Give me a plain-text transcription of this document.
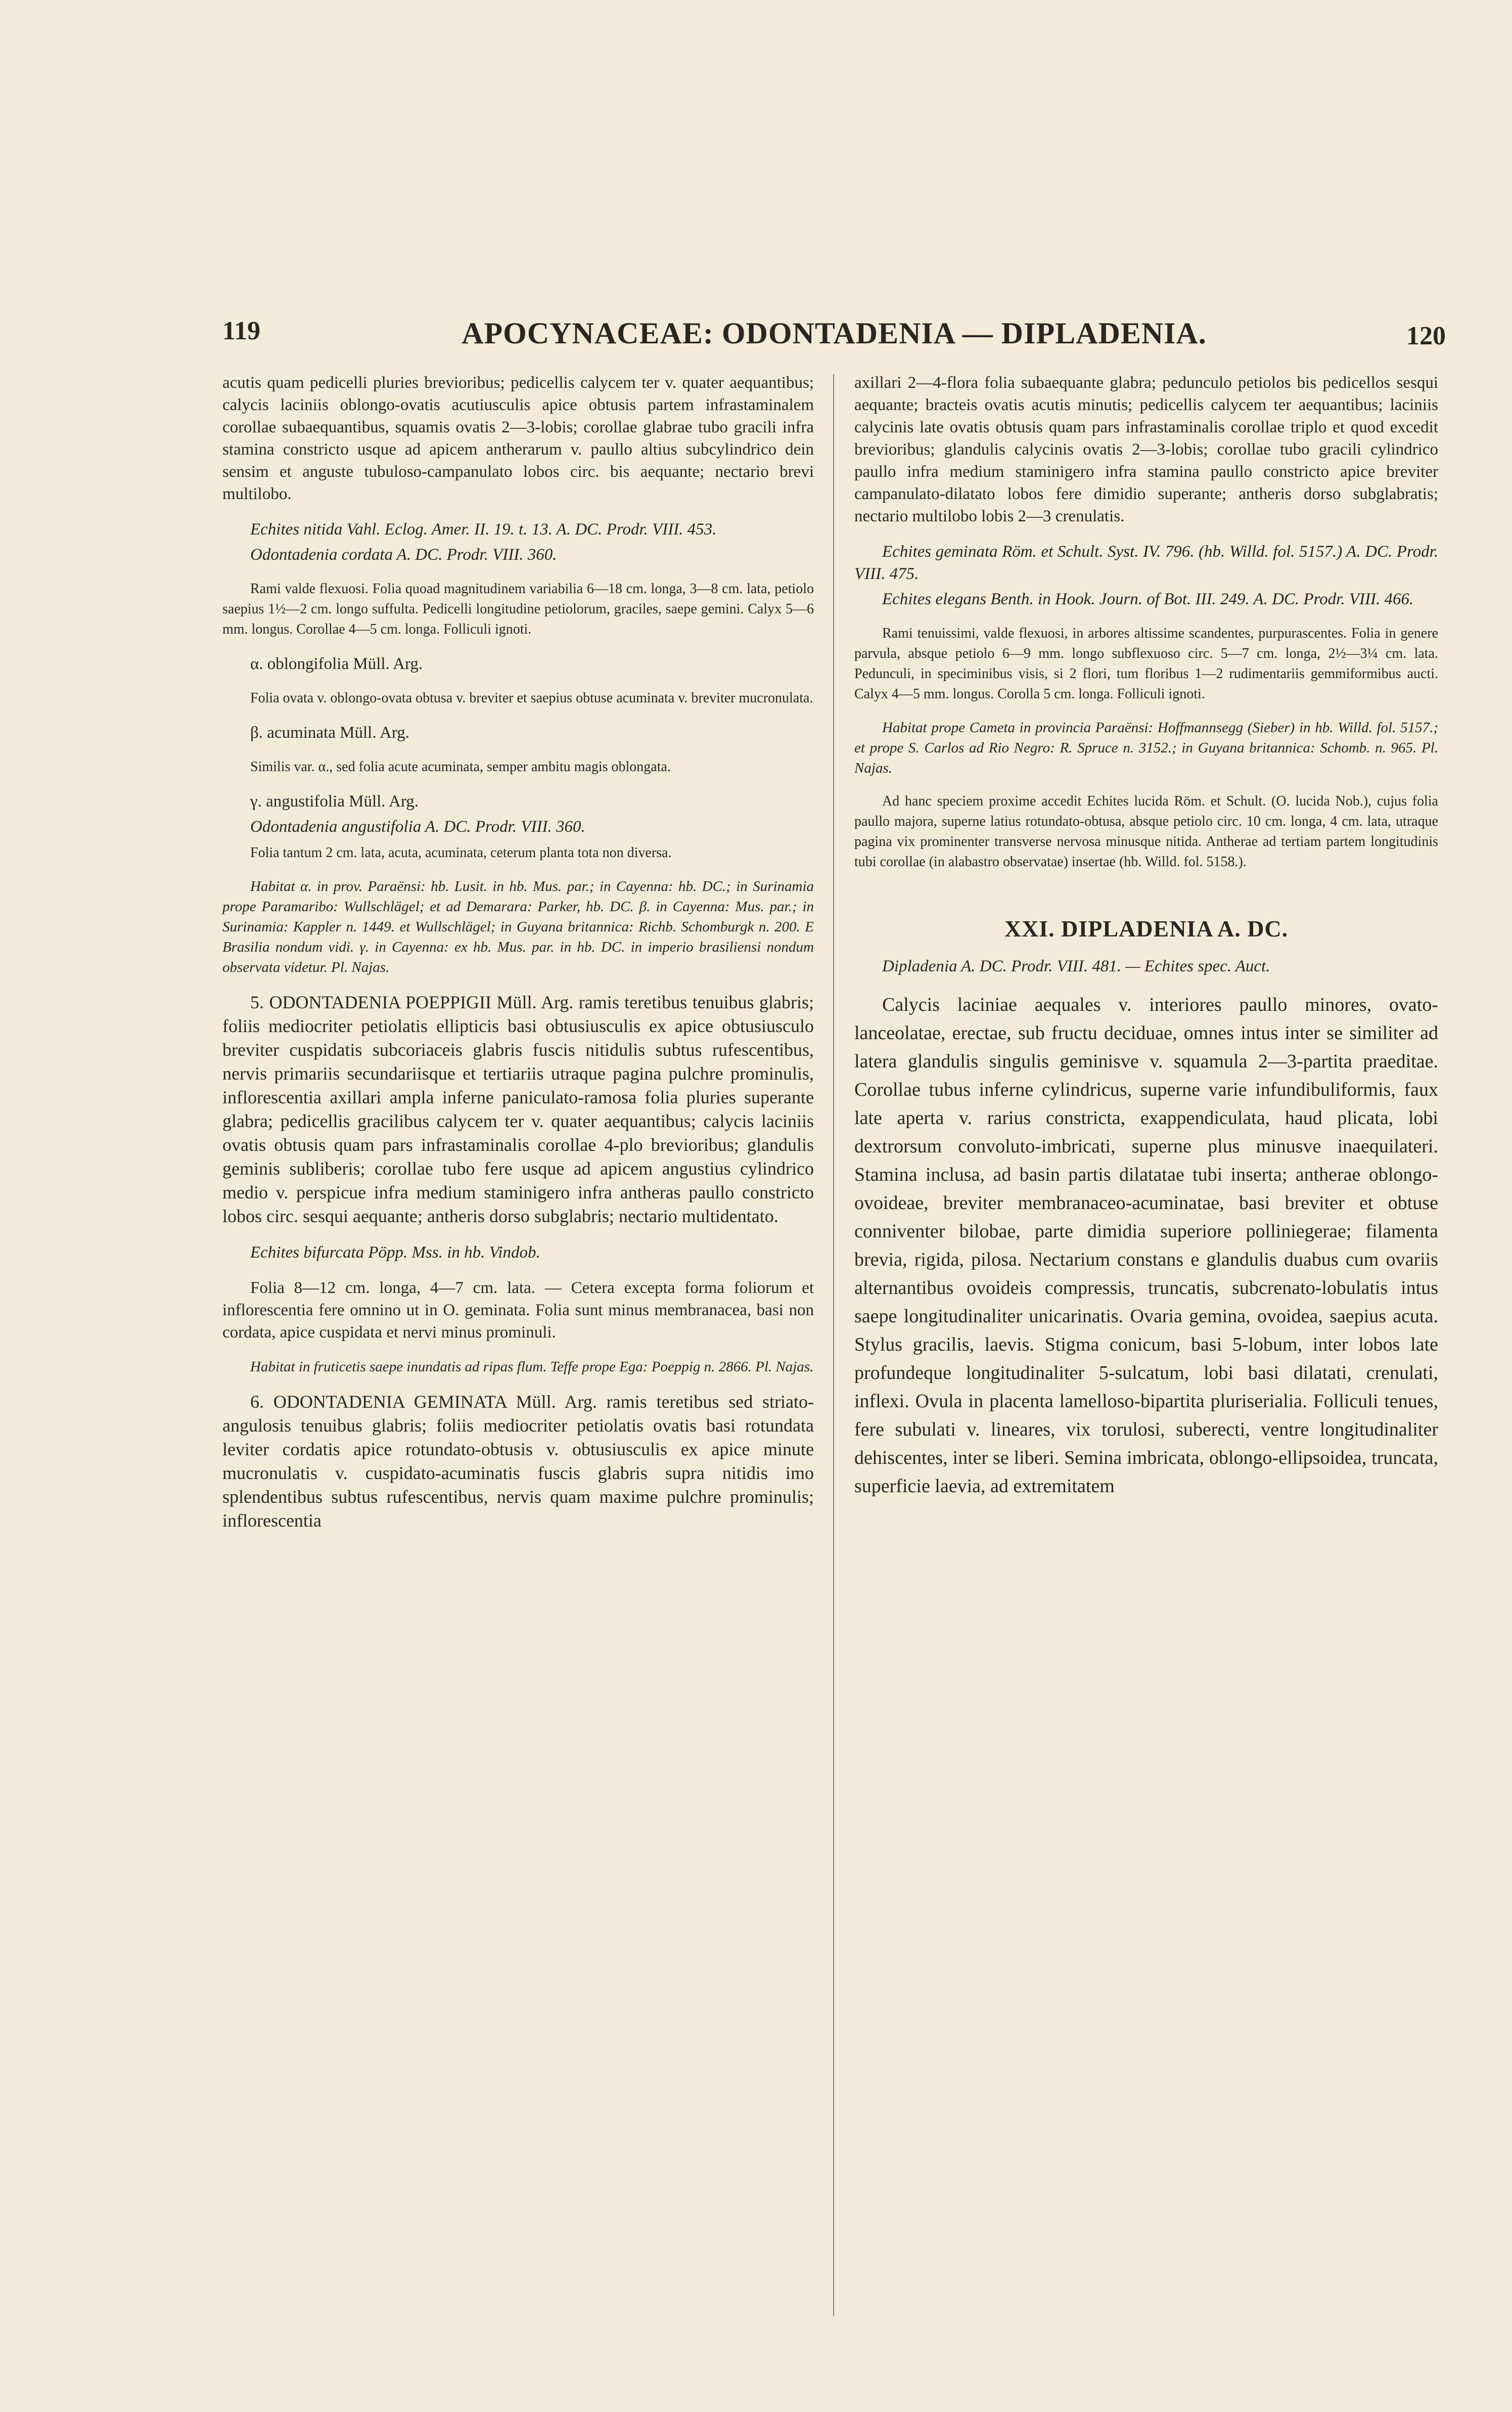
119	APOCYNACEAE: ODONTADENIA — DIPLADENIA.	120

acutis quam pedicelli pluries brevioribus; pedicellis calycem ter v. quater aequantibus; calycis laciniis oblongo-ovatis acutiusculis apice obtusis partem infrastaminalem corollae subaequantibus, squamis ovatis 2—3-lobis; corollae glabrae tubo gracili infra stamina constricto usque ad apicem antherarum v. paullo altius subcylindrico dein sensim et anguste tubuloso-campanulato lobos circ. bis aequante; nectario brevi multilobo.

Echites nitida Vahl. Eclog. Amer. II. 19. t. 13. A. DC. Prodr. VIII. 453.

Odontadenia cordata A. DC. Prodr. VIII. 360.

Rami valde flexuosi. Folia quoad magnitudinem variabilia 6—18 cm. longa, 3—8 cm. lata, petiolo saepius 1½—2 cm. longo suffulta. Pedicelli longitudine petiolorum, graciles, saepe gemini. Calyx 5—6 mm. longus. Corollae 4—5 cm. longa. Folliculi ignoti.

α. oblongifolia Müll. Arg.

Folia ovata v. oblongo-ovata obtusa v. breviter et saepius obtuse acuminata v. breviter mucronulata.

β. acuminata Müll. Arg.

Similis var. α., sed folia acute acuminata, semper ambitu magis oblongata.

γ. angustifolia Müll. Arg.

Odontadenia angustifolia A. DC. Prodr. VIII. 360.

Folia tantum 2 cm. lata, acuta, acuminata, ceterum planta tota non diversa.

Habitat α. in prov. Paraënsi: hb. Lusit. in hb. Mus. par.; in Cayenna: hb. DC.; in Surinamia prope Paramaribo: Wullschlägel; et ad Demarara: Parker, hb. DC. β. in Cayenna: Mus. par.; in Surinamia: Kappler n. 1449. et Wullschlägel; in Guyana britannica: Richb. Schomburgk n. 200. E Brasilia nondum vidi. γ. in Cayenna: ex hb. Mus. par. in hb. DC. in imperio brasiliensi nondum observata videtur. Pl. Najas.

5. ODONTADENIA POEPPIGII Müll. Arg. ramis teretibus tenuibus glabris; foliis mediocriter petiolatis ellipticis basi obtusiusculis ex apice obtusiusculo breviter cuspidatis subcoriaceis glabris fuscis nitidulis subtus rufescentibus, nervis primariis secundariisque et tertiariis utraque pagina pulchre prominulis, inflorescentia axillari ampla inferne paniculato-ramosa folia pluries superante glabra; pedicellis gracilibus calycem ter v. quater aequantibus; calycis laciniis ovatis obtusis quam pars infrastaminalis corollae 4-plo brevioribus; glandulis geminis subliberis; corollae tubo fere usque ad apicem angustius cylindrico medio v. perspicue infra medium staminigero infra antheras paullo constricto lobos circ. sesqui aequante; antheris dorso subglabris; nectario multidentato.

Echites bifurcata Pöpp. Mss. in hb. Vindob.

Folia 8—12 cm. longa, 4—7 cm. lata. — Cetera excepta forma foliorum et inflorescentia fere omnino ut in O. geminata. Folia sunt minus membranacea, basi non cordata, apice cuspidata et nervi minus prominuli.

Habitat in fruticetis saepe inundatis ad ripas flum. Teffe prope Ega: Poeppig n. 2866. Pl. Najas.

6. ODONTADENIA GEMINATA Müll. Arg. ramis teretibus sed striato-angulosis tenuibus glabris; foliis mediocriter petiolatis ovatis basi rotundata leviter cordatis apice rotundato-obtusis v. obtusiusculis ex apice minute mucronulatis v. cuspidato-acuminatis fuscis glabris supra nitidis imo splendentibus subtus rufescentibus, nervis quam maxime pulchre prominulis; inflorescentia

axillari 2—4-flora folia subaequante glabra; pedunculo petiolos bis pedicellos sesqui aequante; bracteis ovatis acutis minutis; pedicellis calycem ter aequantibus; laciniis calycinis late ovatis obtusis quam pars infrastaminalis corollae triplo et quod excedit brevioribus; glandulis calycinis ovatis 2—3-lobis; corollae tubo gracili cylindrico paullo infra medium staminigero infra stamina paullo constricto apice breviter campanulato-dilatato lobos fere dimidio superante; antheris dorso subglabratis; nectario multilobo lobis 2—3 crenulatis.

Echites geminata Röm. et Schult. Syst. IV. 796. (hb. Willd. fol. 5157.) A. DC. Prodr. VIII. 475.

Echites elegans Benth. in Hook. Journ. of Bot. III. 249. A. DC. Prodr. VIII. 466.

Rami tenuissimi, valde flexuosi, in arbores altissime scandentes, purpurascentes. Folia in genere parvula, absque petiolo 6—9 mm. longo subflexuoso circ. 5—7 cm. longa, 2½—3¼ cm. lata. Pedunculi, in speciminibus visis, si 2 flori, tum floribus 1—2 rudimentariis gemmiformibus aucti. Calyx 4—5 mm. longus. Corolla 5 cm. longa. Folliculi ignoti.

Habitat prope Cameta in provincia Paraënsi: Hoffmannsegg (Sieber) in hb. Willd. fol. 5157.; et prope S. Carlos ad Rio Negro: R. Spruce n. 3152.; in Guyana britannica: Schomb. n. 965. Pl. Najas.

Ad hanc speciem proxime accedit Echites lucida Röm. et Schult. (O. lucida Nob.), cujus folia paullo majora, superne latius rotundato-obtusa, absque petiolo circ. 10 cm. longa, 4 cm. lata, utraque pagina vix prominenter transverse nervosa minusque nitida. Antherae ad tertiam partem longitudinis tubi corollae (in alabastro observatae) insertae (hb. Willd. fol. 5158.).

XXI. DIPLADENIA A. DC.

Dipladenia A. DC. Prodr. VIII. 481. — Echites spec. Auct.

Calycis laciniae aequales v. interiores paullo minores, ovato-lanceolatae, erectae, sub fructu deciduae, omnes intus inter se similiter ad latera glandulis singulis geminisve v. squamula 2—3-partita praeditae. Corollae tubus inferne cylindricus, superne varie infundibuliformis, faux late aperta v. rarius constricta, exappendiculata, haud plicata, lobi dextrorsum convoluto-imbricati, superne plus minusve inaequilateri. Stamina inclusa, ad basin partis dilatatae tubi inserta; antherae oblongo-ovoideae, breviter membranaceo-acuminatae, basi breviter et obtuse conniventer bilobae, parte dimidia superiore polliniegerae; filamenta brevia, rigida, pilosa. Nectarium constans e glandulis duabus cum ovariis alternantibus ovoideis compressis, truncatis, subcrenato-lobulatis intus saepe longitudinaliter unicarinatis. Ovaria gemina, ovoidea, saepius acuta. Stylus gracilis, laevis. Stigma conicum, basi 5-lobum, inter lobos late profundeque longitudinaliter 5-sulcatum, lobi basi dilatati, crenulati, inflexi. Ovula in placenta lamelloso-bipartita pluriserialia. Folliculi tenues, fere subulati v. lineares, vix torulosi, suberecti, ventre longitudinaliter dehiscentes, inter se liberi. Semina imbricata, oblongo-ellipsoidea, truncata, superficie laevia, ad extremitatem
